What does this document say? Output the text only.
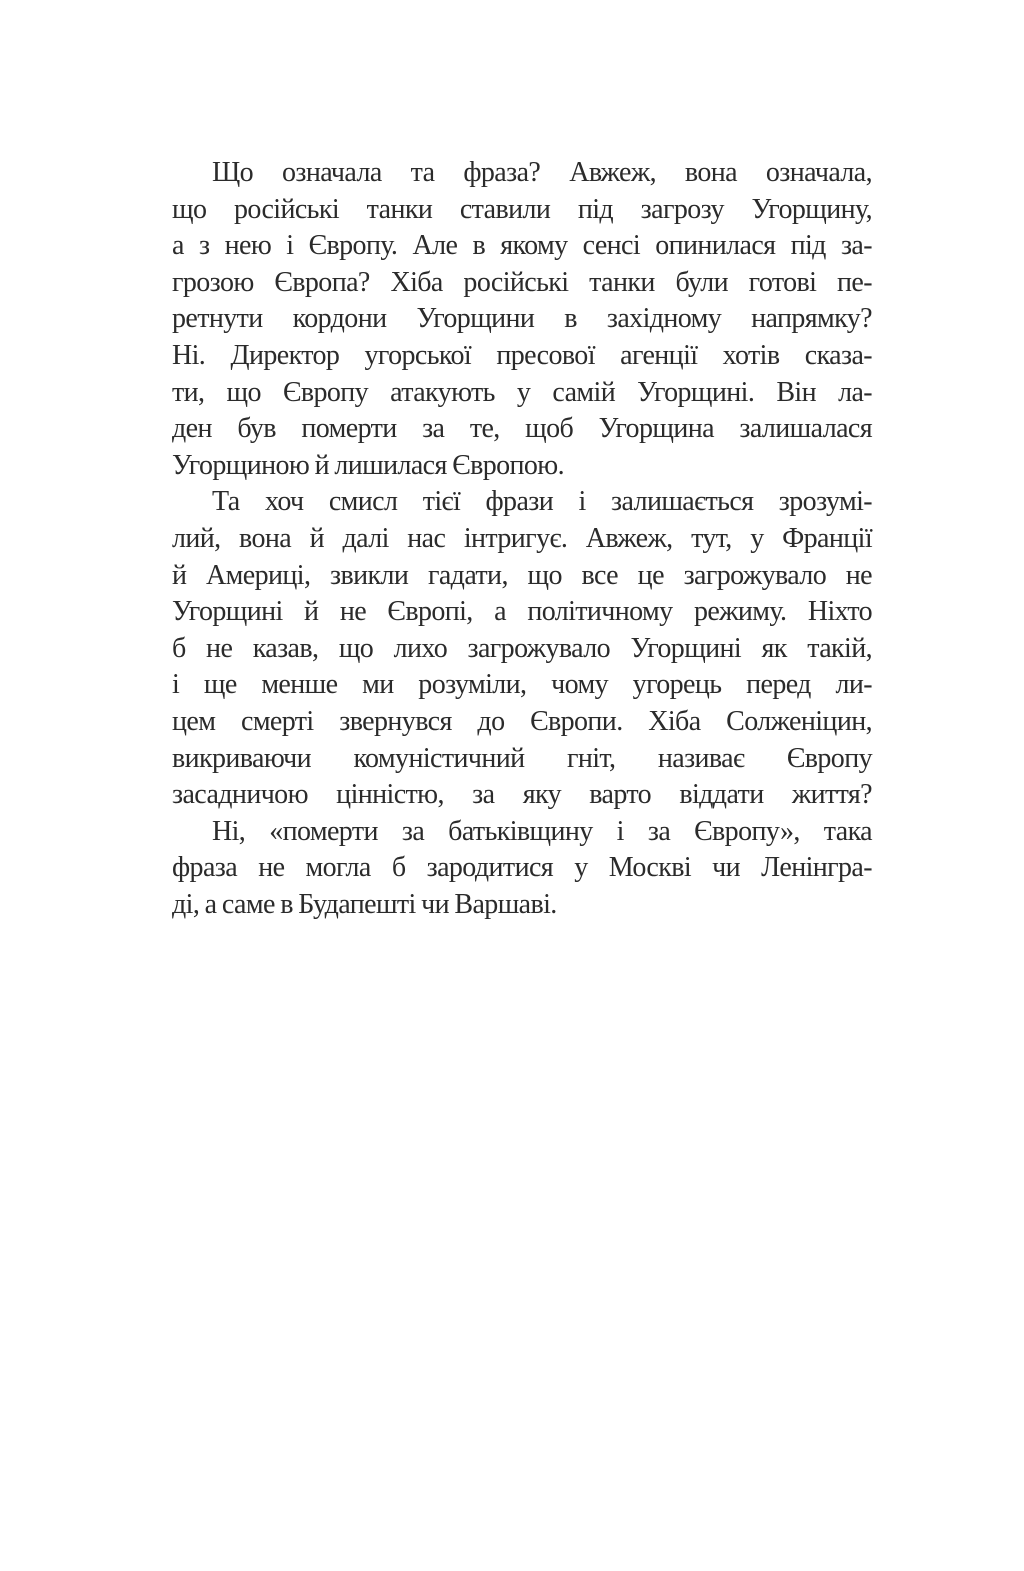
Що означала та фраза? Авжеж, вона означала,
що російські танки ставили під загрозу Угорщину,
а з нею і Європу. Але в якому сенсі опинилася під за-
грозою Європа? Хіба російські танки були готові пе-
ретнути кордони Угорщини в західному напрямку?
Ні. Директор угорської пресової агенції хотів сказа-
ти, що Європу атакують у самій Угорщині. Він ла-
ден був померти за те, щоб Угорщина залишалася
Угорщиною й лишилася Європою.
Та хоч смисл тієї фрази і залишається зрозумі-
лий, вона й далі нас інтригує. Авжеж, тут, у Франції
й Америці, звикли гадати, що все це загрожувало не
Угорщині й не Європі, а політичному режиму. Ніхто
б не казав, що лихо загрожувало Угорщині як такій,
і ще менше ми розуміли, чому угорець перед ли-
цем смерті звернувся до Європи. Хіба Солженіцин,
викриваючи комуністичний гніт, називає Європу
засадничою цінністю, за яку варто віддати життя?
Ні, «померти за батьківщину і за Європу», така
фраза не могла б зародитися у Москві чи Ленінгра-
ді, а саме в Будапешті чи Варшаві.
